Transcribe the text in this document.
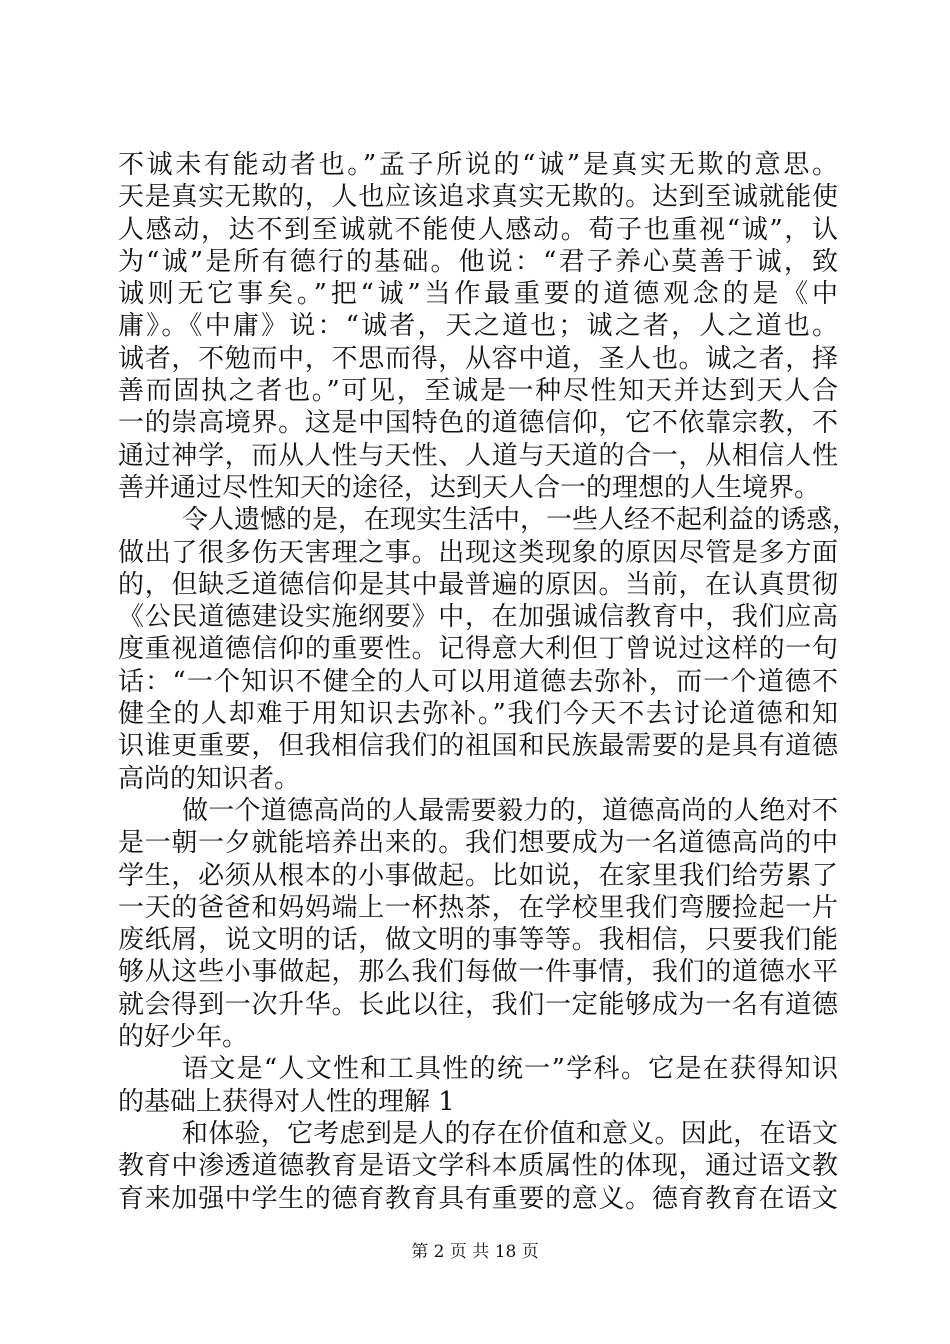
不诚未有能动者也。”孟子所说的“诚”是真实无欺的意思。
天是真实无欺的，人也应该追求真实无欺的。达到至诚就能使
人感动，达不到至诚就不能使人感动。荀子也重视“诚”，认
为“诚”是所有德行的基础。他说：“君子养心莫善于诚，致
诚则无它事矣。”把“诚”当作最重要的道德观念的是《中
庸》。《中庸》说：“诚者，天之道也；诚之者，人之道也。
诚者，不勉而中，不思而得，从容中道，圣人也。诚之者，择
善而固执之者也。”可见，至诚是一种尽性知天并达到天人合
一的崇高境界。这是中国特色的道德信仰，它不依靠宗教，不
通过神学，而从人性与天性、人道与天道的合一，从相信人性
善并通过尽性知天的途径，达到天人合一的理想的人生境界。
令人遗憾的是，在现实生活中，一些人经不起利益的诱惑，
做出了很多伤天害理之事。出现这类现象的原因尽管是多方面
的，但缺乏道德信仰是其中最普遍的原因。当前，在认真贯彻
《公民道德建设实施纲要》中，在加强诚信教育中，我们应高
度重视道德信仰的重要性。记得意大利但丁曾说过这样的一句
话：“一个知识不健全的人可以用道德去弥补，而一个道德不
健全的人却难于用知识去弥补。”我们今天不去讨论道德和知
识谁更重要，但我相信我们的祖国和民族最需要的是具有道德
高尚的知识者。
做一个道德高尚的人最需要毅力的，道德高尚的人绝对不
是一朝一夕就能培养出来的。我们想要成为一名道德高尚的中
学生，必须从根本的小事做起。比如说，在家里我们给劳累了
一天的爸爸和妈妈端上一杯热茶，在学校里我们弯腰捡起一片
废纸屑，说文明的话，做文明的事等等。我相信，只要我们能
够从这些小事做起，那么我们每做一件事情，我们的道德水平
就会得到一次升华。长此以往，我们一定能够成为一名有道德
的好少年。
语文是“人文性和工具性的统一”学科。它是在获得知识
的基础上获得对人性的理解 1
和体验，它考虑到是人的存在价值和意义。因此，在语文
教育中渗透道德教育是语文学科本质属性的体现，通过语文教
育来加强中学生的德育教育具有重要的意义。德育教育在语文
第 2 页 共 18 页
